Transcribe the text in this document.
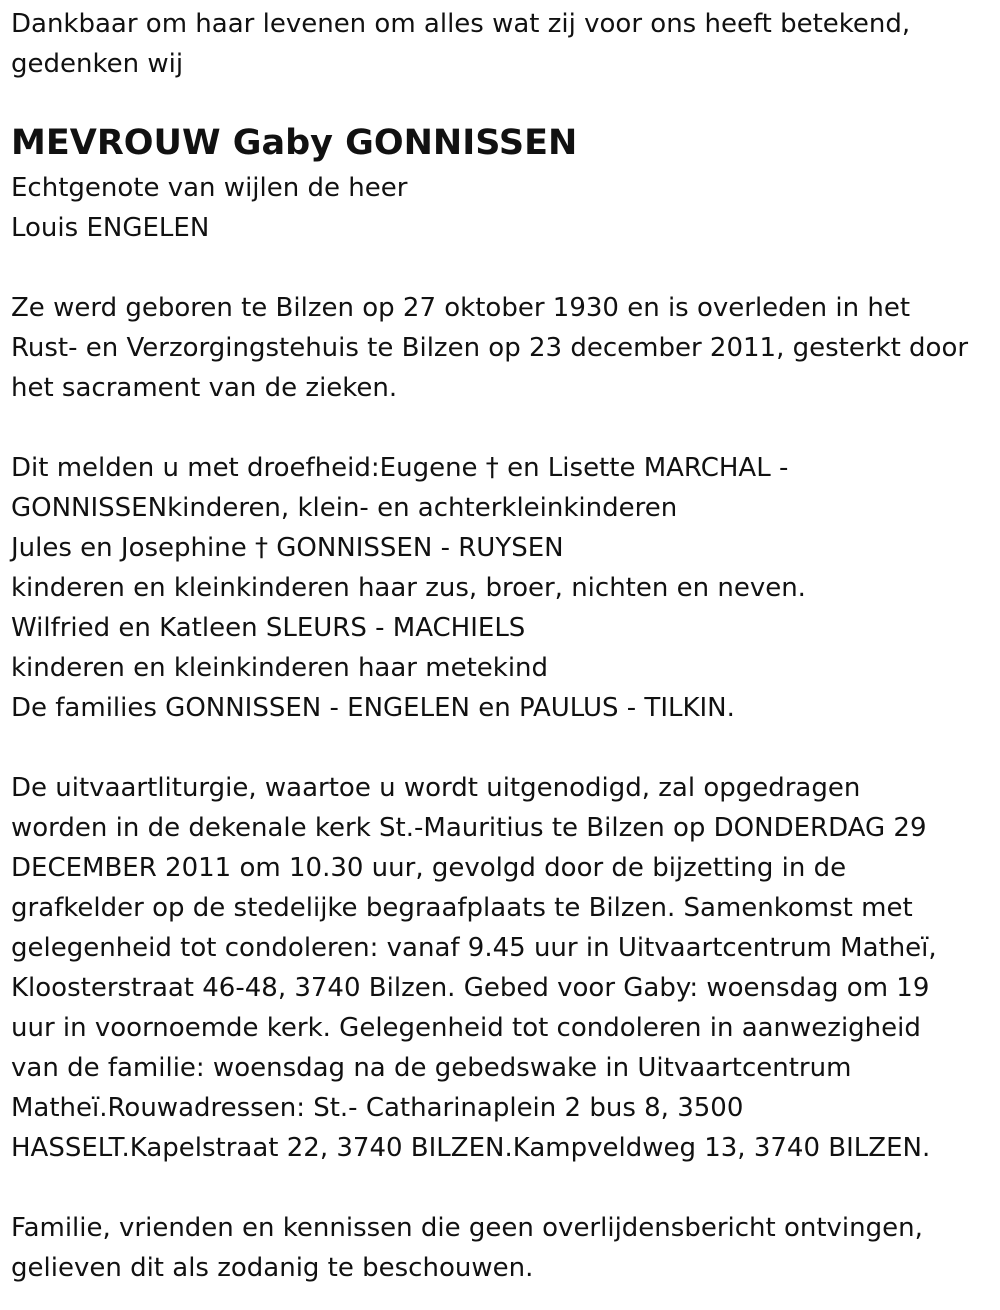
Dankbaar om haar levenen om alles wat zij voor ons heeft betekend,
gedenken wij
MEVROUW Gaby GONNISSEN
Echtgenote van wijlen de heer
Louis ENGELEN
Ze werd geboren te Bilzen op 27 oktober 1930 en is overleden in het
Rust- en Verzorgingstehuis te Bilzen op 23 december 2011, gesterkt door
het sacrament van de zieken.
Dit melden u met droefheid:Eugene † en Lisette MARCHAL -
GONNISSENkinderen, klein- en achterkleinkinderen
Jules en Josephine † GONNISSEN - RUYSEN
kinderen en kleinkinderen haar zus, broer, nichten en neven.
Wilfried en Katleen SLEURS - MACHIELS
kinderen en kleinkinderen haar metekind
De families GONNISSEN - ENGELEN en PAULUS - TILKIN.
De uitvaartliturgie, waartoe u wordt uitgenodigd, zal opgedragen
worden in de dekenale kerk St.-Mauritius te Bilzen op DONDERDAG 29
DECEMBER 2011 om 10.30 uur, gevolgd door de bijzetting in de
grafkelder op de stedelijke begraafplaats te Bilzen. Samenkomst met
gelegenheid tot condoleren: vanaf 9.45 uur in Uitvaartcentrum Matheï,
Kloosterstraat 46-48, 3740 Bilzen. Gebed voor Gaby: woensdag om 19
uur in voornoemde kerk. Gelegenheid tot condoleren in aanwezigheid
van de familie: woensdag na de gebedswake in Uitvaartcentrum
Matheï.Rouwadressen: St.- Catharinaplein 2 bus 8, 3500
HASSELT.Kapelstraat 22, 3740 BILZEN.Kampveldweg 13, 3740 BILZEN.
Familie, vrienden en kennissen die geen overlijdensbericht ontvingen,
gelieven dit als zodanig te beschouwen.
